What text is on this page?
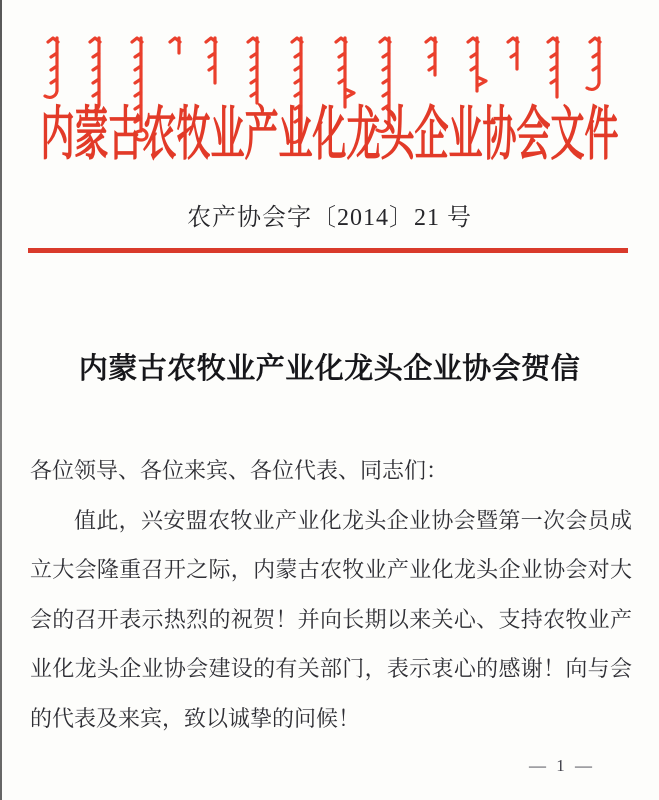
内蒙古农牧业产业化龙头企业协会文件
农产协会字〔2014〕21 号
内蒙古农牧业产业化龙头企业协会贺信

各位领导、各位来宾、各位代表、同志们：

值此，兴安盟农牧业产业化龙头企业协会暨第一次会员成立大会隆重召开之际，内蒙古农牧业产业化龙头企业协会对大会的召开表示热烈的祝贺！并向长期以来关心、支持农牧业产业化龙头企业协会建设的有关部门，表示衷心的感谢！向与会的代表及来宾，致以诚挚的问候！

— 1 —
